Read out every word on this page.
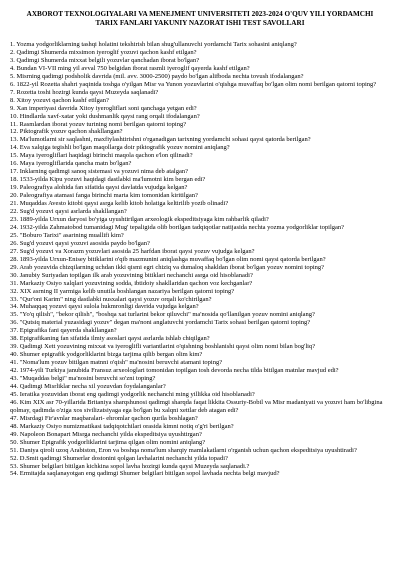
AXBOROT TEXNOLOGIYALARI VA MENEJMENT UNIVERSITETI 2023-2024 O'QUV YILI YORDAMCHI
TARIX FANLARI YAKUNIY NAZORAT ISHI TEST SAVOLLARI
1. Yozma yodgorliklarning tashqi holatini tekshirish bilan shug'ullanuvchi yordamchi Tarix sohasini aniqlang?
2. Qadimgi Shumerda mixsimon iyeroglif yozuvi qachon kashf etilgan?
3. Qadimgi Shumerda mixxat belgili yozuvlar qanchadan iborat bo'lgan?
4. Bundan VI-VII ming yil avval 750 belgidan iborat rasmli iyeroglif qayerda kashf etilgan?
5. Misrning qadimgi podsholik davrida (mil. avv. 3000-2500) paydo bo'lgan alifboda nechta tovush ifodalangan?
6. 1822-yil Rozetta shahri yaqinida toshga o'yilgan Misr va Yunon yozuvlarini o'qishga muvaffaq bo'lgan olim nomi berilgan qatorni toping?
7. Rozetta toshi hozirgi kunda qaysi Muzeyda saqlanadi?
8. Xitoy yozuvi qachon kashf etilgan?
9. Xan imperiyasi davrida Xitoy iyerogliflari soni qanchaga yetgan edi?
10. Hindlarda xavf-xatar yoki dushmanlik qaysi rang orqali ifodalangan?
11. Rasmlardan iborat yozuv turining nomi berilgan qatorni toping?
12. Piktografik yozuv qachon shakllangan?
13. Ma'lumotlarni sir saqlashni, maxfiylashtirishni o'rganadigan tarixning yordamchi sohasi qaysi qatorda berilgan?
14. Eva xalqiga tegishli bo'lgan maqollarga doir piktografik yozuv nomini aniqlang?
15. Maya iyerogliflari haqidagi birinchi maqola qachon e'lon qilinadi?
16. Maya iyerogliflarida qancha matn bo'lgan?
17. Inklarning qadimgi sanoq sistemasi va yozuvi nima deb atalgan?
18. 1533-yilda Kipu yozuvi haqidagi dastlabki ma'lumotni kim bergan edi?
19. Paleografiya alohida fan sifatida qaysi davlatda vujudga kelgan?
20. Paleografiya atamasi fanga birinchi marta kim tomonidan kiritilgan?
21. Muqaddas Avesto kitobi qaysi asrga kelib kitob holatiga keltirilib yozib olinadi?
22. Sug'd yozuvi qaysi asrlarda shakllangan?
23. 1889-yilda Urxun daryosi bo'yiga uyushtirilgan arxeologik ekspeditsiyaga kim rahbarlik qiladi?
24. 1932-yilda Zahmatobod tumanidagi Mug' tepaligida olib borilgan tadqiqotlar natijasida nechta yozma yodgorliklar topilgan?
25. "Boburo Tarixi" asarining muallifi kim?
26. Sug'd yozuvi qaysi yozuvi asosida paydo bo'lgan?
27. Sug'd yozuvi va Xorazm yozuvlari asosida 25 harfdan iborat qaysi yozuv vujudga kelgan?
28. 1893-yilda Urxun-Enisey bitiklarini o'qib mazmunini aniqlashga muvaffaq bo'lgan olim nomi qaysi qatorda berilgan?
29. Arab yozuvida chizqilarning uchdan ikki qismi egri chiziq va dumaloq shakldan iborat bo'lgan yozuv nomini toping?
30. Janubiy Suriyadan topilgan ilk arab yozuvining bitiklari nechanchi asrga oid hisoblanadi?
31. Markaziy Osiyo xalqlari yozuvining sodda, ibtidoiy shakllaridan qachon voz kechganlar?
32. XIX asrning II yarmiga kelib unutila boshlangan nazariya berilgan qatorni toping?
33. "Qur'oni Karim" ning dastlabki nusxalari qaysi yozuv orqali ko'chirilgan?
34. Muhaqqaq yozuvi qaysi sulola hukmronligi davrida vujudga kelgan?
35. "Yo'q qilish", "bekor qilish", "boshqa xat turlarini bekor qiluvchi" ma'nosida qo'llanilgan yozuv nomini aniqlang?
36. "Qutsiq material yuzasidagi yozuv" degan ma'noni anglatuvchi yordamchi Tarix sohasi berilgan qatorni toping?
37. Epigrafika fani qayerda shakllangan?
38. Epigrafikaning fan sifatida ilmiy asoslari qaysi asrlarda ishlab chiqilgan?
39. Qadimgi Xett yozuvining mixxat va iyeroglifli variantlarini o'qishning boshlanishi qaysi olim nomi bilan bog'liq?
40. Shumer epigrafik yodgorliklarini bizga tarjima qilib bergan olim kim?
41. "Noma'lum yozuv bitilgan matnni o'qish" ma'nosini beruvchi atamani toping?
42. 1974-yili Turkiya janubida Fransuz arxeologlari tomonidan topilgan tosh devorda necha tilda bitilgan matnlar mavjud edi?
43. "Muqaddas belgi" ma'nosini beruvchi so'zni toping?
44. Qadimgi Misrliklar necha xil yozuvdan foydalanganlar?
45. Ieratika yozuvidan iborat eng qadimgi yodgorlik nechanchi ming yillikka oid hisoblanadi?
46. Kim XIX asr 70-yillarida Britaniya sharqshunosi qadimgi sharqda faqat likkita Ossuriy-Bobil va Misr madaniyati va yozuvi ham bo'libgina qolmay, qadimda o'ziga xos sivilizatsiyaga ega bo'lgan bu xalqni xettlar deb atagan edi?
47. Misrdagi Fir'avnlar maqbaralari- ehromlar qachon qurila boshlagan?
48. Markaziy Osiyo numizmatikasi tadqiqotchilari orasida kimni notiq o'g'ri berilgan?
49. Napoleon Bonapart Misrga nechanchi yilda ekspeditsiya uyushtirgan?
50. Shumer Epigrafik yodgorliklarini tarjima qilgan olim nomini aniqlang?
51. Daniya qiroli uzoq Arabiston, Eron va boshqa noma'lum sharqiy mamlakatlarni o'rganish uchun qachon ekspeditsiya uyushtiradi?
52. D.Smit qadimgi Shumerlar dostonini qolgan lavhalarini nechanchi yilda topadi?
53. Shumer belgilari bitilgan kichkina sopol lavha hozirgi kunda qaysi Muzeyda saqlanadi.?
54. Ermitajda saqlanayotgan eng qadimgi Shumer belgilari bitilgan sopol lavhada nechta belgi mavjud?
